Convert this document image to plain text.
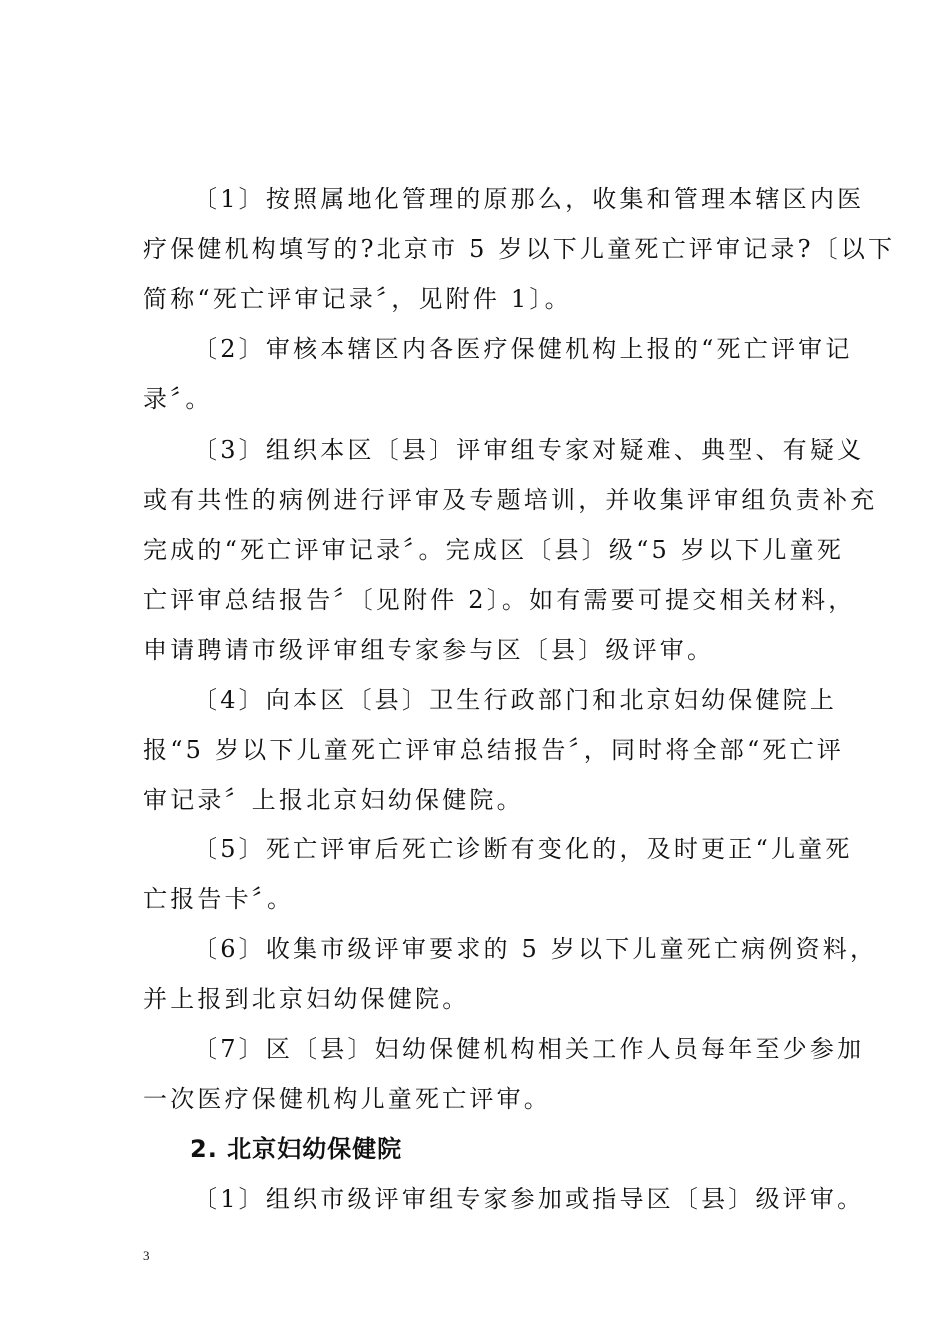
〔1〕按照属地化管理的原那么，收集和管理本辖区内医
疗保健机构填写的?北京市 5 岁以下儿童死亡评审记录?〔以下
简称“死亡评审记录〞，见附件 1〕。
〔2〕审核本辖区内各医疗保健机构上报的“死亡评审记
录〞。
〔3〕组织本区〔县〕评审组专家对疑难、典型、有疑义
或有共性的病例进行评审及专题培训，并收集评审组负责补充
完成的“死亡评审记录〞。完成区〔县〕级“5 岁以下儿童死
亡评审总结报告〞〔见附件 2〕。如有需要可提交相关材料，
申请聘请市级评审组专家参与区〔县〕级评审。
〔4〕向本区〔县〕卫生行政部门和北京妇幼保健院上
报“5 岁以下儿童死亡评审总结报告〞，同时将全部“死亡评
审记录〞上报北京妇幼保健院。
〔5〕死亡评审后死亡诊断有变化的，及时更正“儿童死
亡报告卡〞。
〔6〕收集市级评审要求的 5 岁以下儿童死亡病例资料，
并上报到北京妇幼保健院。
〔7〕区〔县〕妇幼保健机构相关工作人员每年至少参加
一次医疗保健机构儿童死亡评审。
2. 北京妇幼保健院
〔1〕组织市级评审组专家参加或指导区〔县〕级评审。
3
